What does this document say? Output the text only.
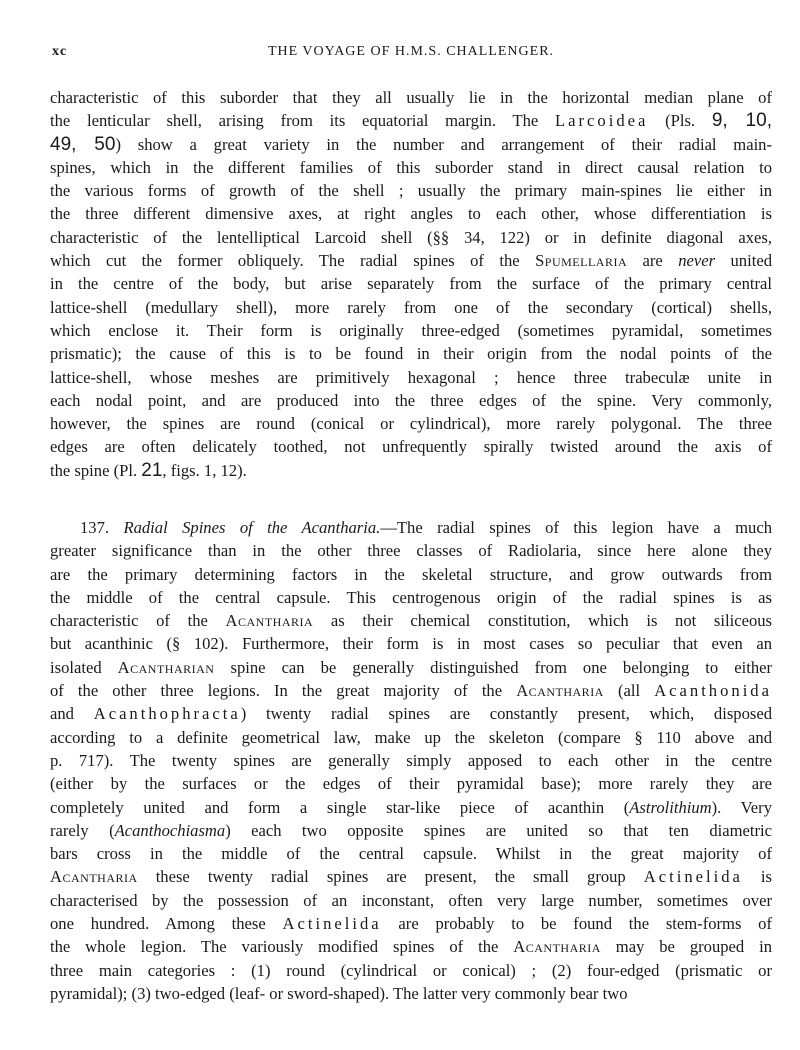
xc	THE VOYAGE OF H.M.S. CHALLENGER.
characteristic of this suborder that they all usually lie in the horizontal median plane of
the lenticular shell, arising from its equatorial margin. The Larcoidea (Pls. 9, 10,
49, 50) show a great variety in the number and arrangement of their radial main-
spines, which in the different families of this suborder stand in direct causal relation to
the various forms of growth of the shell ; usually the primary main-spines lie either in
the three different dimensive axes, at right angles to each other, whose differentiation is
characteristic of the lentelliptical Larcoid shell (§§ 34, 122) or in definite diagonal axes,
which cut the former obliquely. The radial spines of the Spumellaria are never united
in the centre of the body, but arise separately from the surface of the primary central
lattice-shell (medullary shell), more rarely from one of the secondary (cortical) shells,
which enclose it. Their form is originally three-edged (sometimes pyramidal, sometimes
prismatic); the cause of this is to be found in their origin from the nodal points of the
lattice-shell, whose meshes are primitively hexagonal ; hence three trabeculæ unite in
each nodal point, and are produced into the three edges of the spine. Very commonly,
however, the spines are round (conical or cylindrical), more rarely polygonal. The three
edges are often delicately toothed, not unfrequently spirally twisted around the axis of
the spine (Pl. 21, figs. 1, 12).
137. Radial Spines of the Acantharia.—The radial spines of this legion have a much
greater significance than in the other three classes of Radiolaria, since here alone they
are the primary determining factors in the skeletal structure, and grow outwards from
the middle of the central capsule. This centrogenous origin of the radial spines is as
characteristic of the Acantharia as their chemical constitution, which is not siliceous
but acanthinic (§ 102). Furthermore, their form is in most cases so peculiar that even an
isolated Acantharian spine can be generally distinguished from one belonging to either
of the other three legions. In the great majority of the Acantharia (all Acanthonida
and Acanthophracta) twenty radial spines are constantly present, which, disposed
according to a definite geometrical law, make up the skeleton (compare § 110 above and
p. 717). The twenty spines are generally simply apposed to each other in the centre
(either by the surfaces or the edges of their pyramidal base); more rarely they are
completely united and form a single star-like piece of acanthin (Astrolithium). Very
rarely (Acanthochiasma) each two opposite spines are united so that ten diametric
bars cross in the middle of the central capsule. Whilst in the great majority of
Acantharia these twenty radial spines are present, the small group Actinelida is
characterised by the possession of an inconstant, often very large number, sometimes over
one hundred. Among these Actinelida are probably to be found the stem-forms of
the whole legion. The variously modified spines of the Acantharia may be grouped in
three main categories : (1) round (cylindrical or conical) ; (2) four-edged (prismatic or
pyramidal); (3) two-edged (leaf- or sword-shaped). The latter very commonly bear two
